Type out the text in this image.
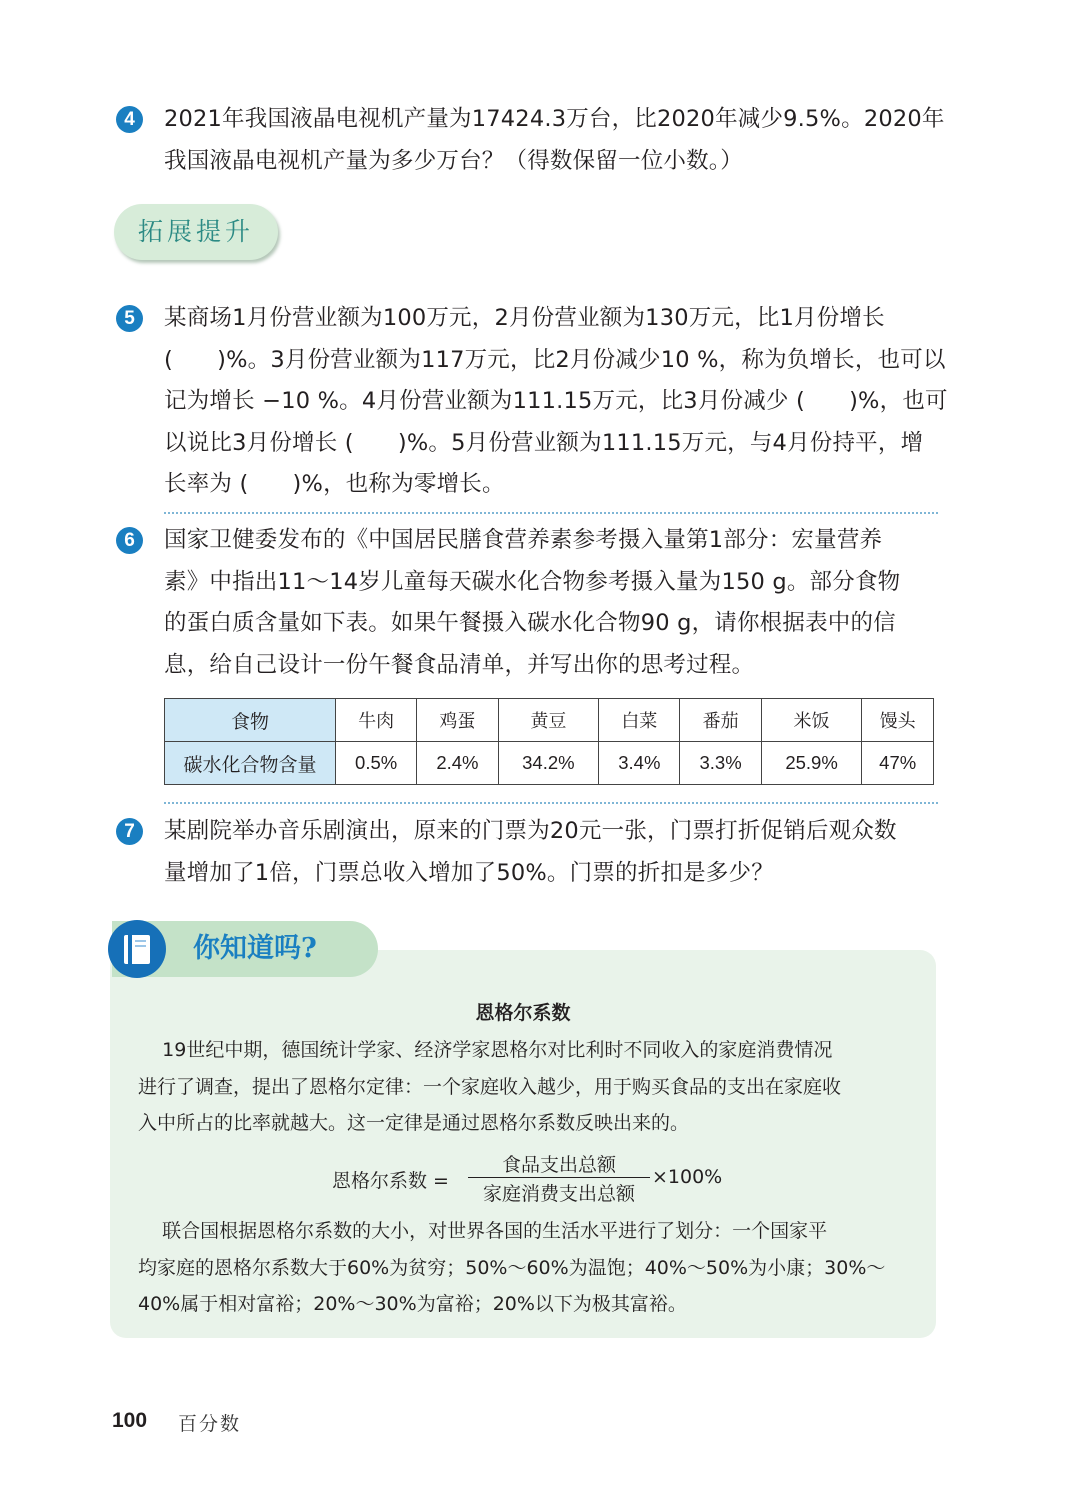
4	2021年我国液晶电视机产量为17424.3万台，比2020年减少9.5%。2020年
我国液晶电视机产量为多少万台？（得数保留一位小数。）
拓展提升
5	某商场1月份营业额为100万元，2月份营业额为130万元，比1月份增长
(      )%。3月份营业额为117万元，比2月份减少10 %，称为负增长，也可以
记为增长 −10 %。4月份营业额为111.15万元，比3月份减少 (      )%，也可
以说比3月份增长 (      )%。5月份营业额为111.15万元，与4月份持平，增
长率为 (      )%，也称为零增长。
6	国家卫健委发布的《中国居民膳食营养素参考摄入量第1部分：宏量营养
素》中指出11～14岁儿童每天碳水化合物参考摄入量为150 g。部分食物
的蛋白质含量如下表。如果午餐摄入碳水化合物90 g，请你根据表中的信
息，给自己设计一份午餐食品清单，并写出你的思考过程。
食物	牛肉	鸡蛋	黄豆	白菜	番茄	米饭	馒头
碳水化合物含量	0.5%	2.4%	34.2%	3.4%	3.3%	25.9%	47%
7	某剧院举办音乐剧演出，原来的门票为20元一张，门票打折促销后观众数
量增加了1倍，门票总收入增加了50%。门票的折扣是多少？
你知道吗?
恩格尔系数
19世纪中期，德国统计学家、经济学家恩格尔对比利时不同收入的家庭消费情况
进行了调查，提出了恩格尔定律：一个家庭收入越少，用于购买食品的支出在家庭收
入中所占的比率就越大。这一定律是通过恩格尔系数反映出来的。
恩格尔系数 =
食品支出总额
家庭消费支出总额
×100%
联合国根据恩格尔系数的大小，对世界各国的生活水平进行了划分：一个国家平
均家庭的恩格尔系数大于60%为贫穷；50%～60%为温饱；40%～50%为小康；30%～
40%属于相对富裕；20%～30%为富裕；20%以下为极其富裕。
100 百分数
